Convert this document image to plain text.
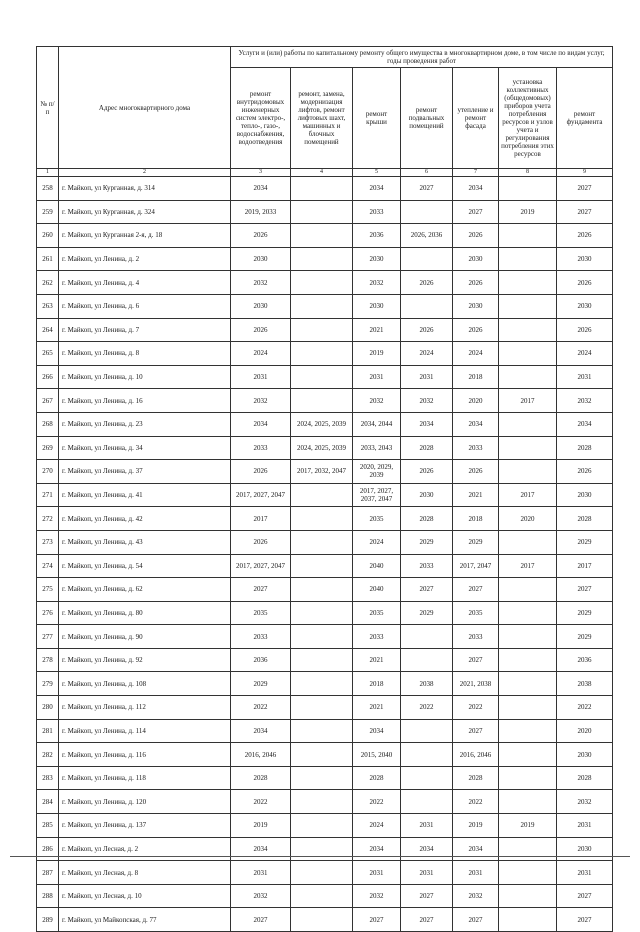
№ п/п	Адрес многоквартирного дома	Услуги и (или) работы по капитальному ремонту общего имущества в многоквартирном доме, в том числе по видам услуг, годы проведения работ						
		ремонт внутридомовых инженерных систем электро-, тепло-, газо-, водоснабжения, водоотведения	ремонт, замена, модернизация лифтов, ремонт лифтовых шахт, машинных и блочных помещений	ремонт крыши	ремонт подвальных помещений	утепление и ремонт фасада	установка коллективных (общедомовых) приборов учета потребления ресурсов и узлов учета и регулирования потребления этих ресурсов	ремонт фундамента
1	2	3	4	5	6	7	8	9
258	г. Майкоп, ул Курганная, д. 314	2034		2034	2027	2034		2027
259	г. Майкоп, ул Курганная, д. 324	2019, 2033		2033		2027	2019	2027
260	г. Майкоп, ул Курганная 2-я, д. 18	2026		2036	2026, 2036	2026		2026
261	г. Майкоп, ул Ленина, д. 2	2030		2030		2030		2030
262	г. Майкоп, ул Ленина, д. 4	2032		2032	2026	2026		2026
263	г. Майкоп, ул Ленина, д. 6	2030		2030		2030		2030
264	г. Майкоп, ул Ленина, д. 7	2026		2021	2026	2026		2026
265	г. Майкоп, ул Ленина, д. 8	2024		2019	2024	2024		2024
266	г. Майкоп, ул Ленина, д. 10	2031		2031	2031	2018		2031
267	г. Майкоп, ул Ленина, д. 16	2032		2032	2032	2020	2017	2032
268	г. Майкоп, ул Ленина, д. 23	2034	2024, 2025, 2039	2034, 2044	2034	2034		2034
269	г. Майкоп, ул Ленина, д. 34	2033	2024, 2025, 2039	2033, 2043	2028	2033		2028
270	г. Майкоп, ул Ленина, д. 37	2026	2017, 2032, 2047	2020, 2029, 2039	2026	2026		2026
271	г. Майкоп, ул Ленина, д. 41	2017, 2027, 2047		2017, 2027, 2037, 2047	2030	2021	2017	2030
272	г. Майкоп, ул Ленина, д. 42	2017		2035	2028	2018	2020	2028
273	г. Майкоп, ул Ленина, д. 43	2026		2024	2029	2029		2029
274	г. Майкоп, ул Ленина, д. 54	2017, 2027, 2047		2040	2033	2017, 2047	2017	2017
275	г. Майкоп, ул Ленина, д. 62	2027		2040	2027	2027		2027
276	г. Майкоп, ул Ленина, д. 80	2035		2035	2029	2035		2029
277	г. Майкоп, ул Ленина, д. 90	2033		2033		2033		2029
278	г. Майкоп, ул Ленина, д. 92	2036		2021		2027		2036
279	г. Майкоп, ул Ленина, д. 108	2029		2018	2038	2021, 2038		2038
280	г. Майкоп, ул Ленина, д. 112	2022		2021	2022	2022		2022
281	г. Майкоп, ул Ленина, д. 114	2034		2034		2027		2020
282	г. Майкоп, ул Ленина, д. 116	2016, 2046		2015, 2040		2016, 2046		2030
283	г. Майкоп, ул Ленина, д. 118	2028		2028		2028		2028
284	г. Майкоп, ул Ленина, д. 120	2022		2022		2022		2032
285	г. Майкоп, ул Ленина, д. 137	2019		2024	2031	2019	2019	2031
286	г. Майкоп, ул Лесная, д. 2	2034		2034	2034	2034		2030
287	г. Майкоп, ул Лесная, д. 8	2031		2031	2031	2031		2031
288	г. Майкоп, ул Лесная, д. 10	2032		2032	2027	2032		2027
289	г. Майкоп, ул Майкопская, д. 77	2027		2027	2027	2027		2027
